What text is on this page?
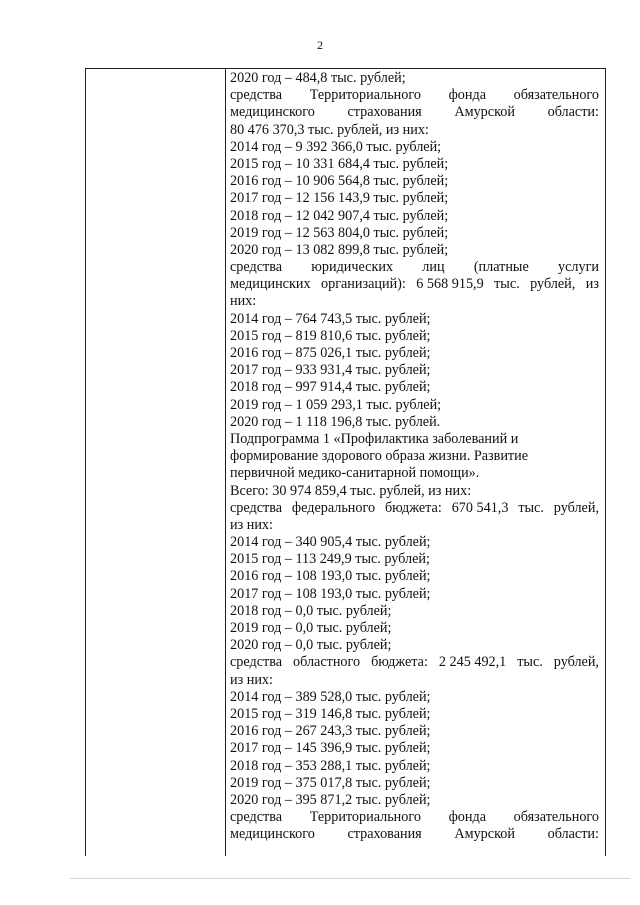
2
2020 год – 484,8 тыс. рублей;
средства Территориального фонда обязательного
медицинского страхования Амурской области:
80 476 370,3 тыс. рублей, из них:
2014 год – 9 392 366,0 тыс. рублей;
2015 год – 10 331 684,4 тыс. рублей;
2016 год – 10 906 564,8 тыс. рублей;
2017 год – 12 156 143,9 тыс. рублей;
2018 год – 12 042 907,4 тыс. рублей;
2019 год – 12 563 804,0 тыс. рублей;
2020 год – 13 082 899,8 тыс. рублей;
средства юридических лиц (платные услуги
медицинских организаций): 6 568 915,9 тыс. рублей, из
них:
2014 год – 764 743,5 тыс. рублей;
2015 год – 819 810,6 тыс. рублей;
2016 год – 875 026,1 тыс. рублей;
2017 год – 933 931,4 тыс. рублей;
2018 год – 997 914,4 тыс. рублей;
2019 год – 1 059 293,1 тыс. рублей;
2020 год – 1 118 196,8 тыс. рублей.
Подпрограмма 1 «Профилактика заболеваний и
формирование здорового образа жизни. Развитие
первичной медико-санитарной помощи».
Всего: 30 974 859,4 тыс. рублей, из них:
средства федерального бюджета: 670 541,3 тыс. рублей,
из них:
2014 год – 340 905,4 тыс. рублей;
2015 год – 113 249,9 тыс. рублей;
2016 год – 108 193,0 тыс. рублей;
2017 год – 108 193,0 тыс. рублей;
2018 год – 0,0 тыс. рублей;
2019 год – 0,0 тыс. рублей;
2020 год – 0,0 тыс. рублей;
средства областного бюджета: 2 245 492,1 тыс. рублей,
из них:
2014 год – 389 528,0 тыс. рублей;
2015 год – 319 146,8 тыс. рублей;
2016 год – 267 243,3 тыс. рублей;
2017 год – 145 396,9 тыс. рублей;
2018 год – 353 288,1 тыс. рублей;
2019 год – 375 017,8 тыс. рублей;
2020 год – 395 871,2 тыс. рублей;
средства Территориального фонда обязательного
медицинского страхования Амурской области:
